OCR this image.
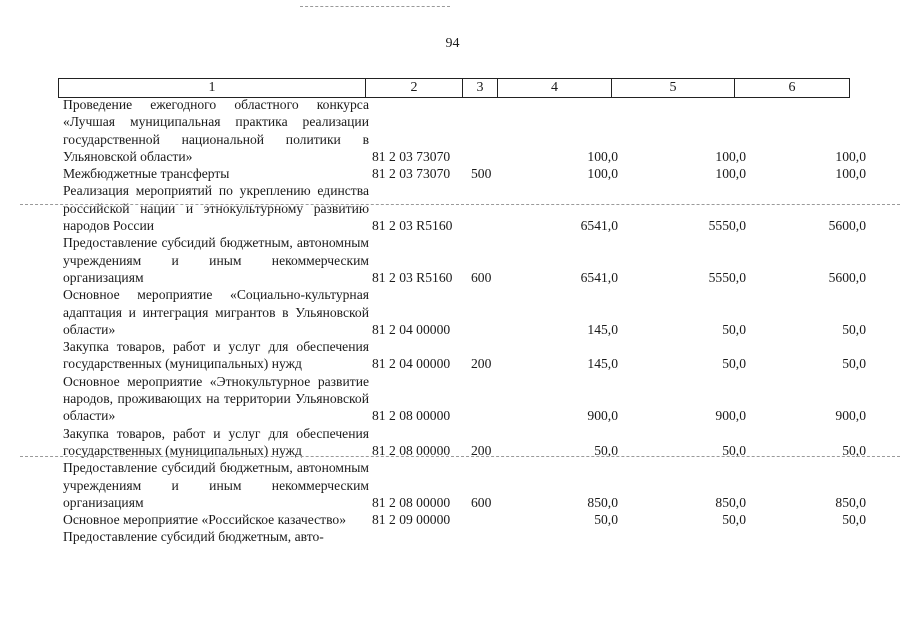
94
1	2	3	4	5	6
Проведение ежегодного областного конкурса «Лучшая муниципальная практика реализации государственной национальной политики в Ульяновской области»	81 2 03 73070		100,0	100,0	100,0
Межбюджетные трансферты	81 2 03 73070	500	100,0	100,0	100,0
Реализация мероприятий по укреплению единства российской нации и этнокультурному развитию народов России	81 2 03 R5160		6541,0	5550,0	5600,0
Предоставление субсидий бюджетным, автономным учреждениям и иным некоммерческим организациям	81 2 03 R5160	600	6541,0	5550,0	5600,0
Основное мероприятие «Социально-культурная адаптация и интеграция мигрантов в Ульяновской области»	81 2 04 00000		145,0	50,0	50,0
Закупка товаров, работ и услуг для обеспечения государственных (муниципальных) нужд	81 2 04 00000	200	145,0	50,0	50,0
Основное мероприятие «Этнокультурное развитие народов, проживающих на территории Ульяновской области»	81 2 08 00000		900,0	900,0	900,0
Закупка товаров, работ и услуг для обеспечения государственных (муниципальных) нужд	81 2 08 00000	200	50,0	50,0	50,0
Предоставление субсидий бюджетным, автономным учреждениям и иным некоммерческим организациям	81 2 08 00000	600	850,0	850,0	850,0
Основное мероприятие «Российское казачество»	81 2 09 00000		50,0	50,0	50,0
Предоставление субсидий бюджетным, авто-					
